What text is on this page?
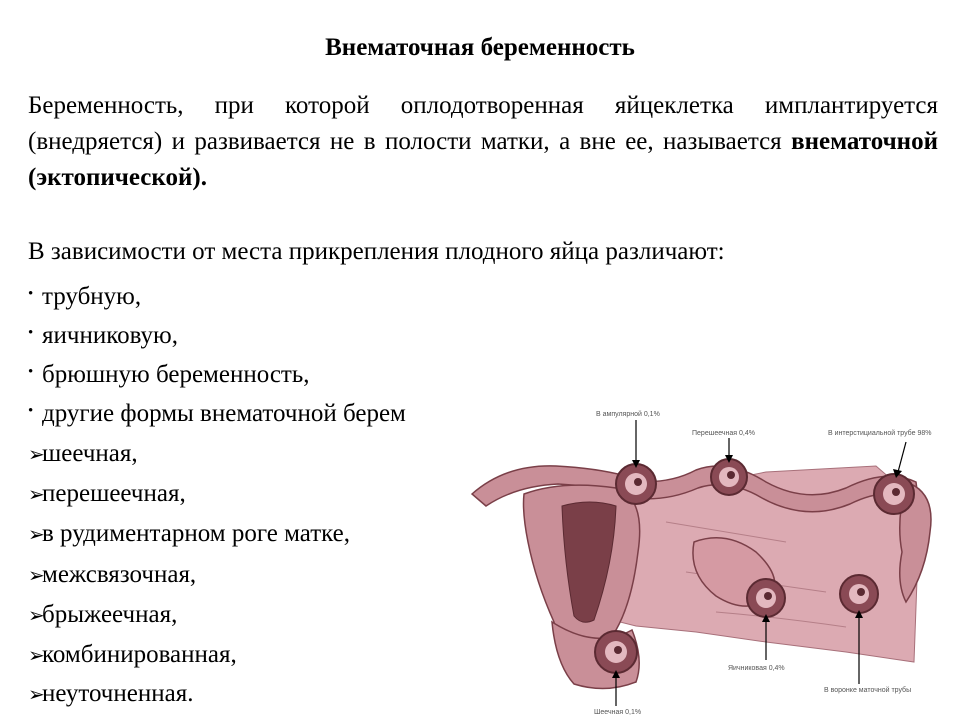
Внематочная беременность
Беременность, при которой оплодотворенная яйцеклетка имплантируется (внедряется) и развивается не в полости матки, а вне ее, называется внематочной (эктопической).
В зависимости от места прикрепления плодного яйца различают:
• трубную,
• яичниковую,
• брюшную беременность,
• другие формы внематочной берем
➢шеечная,
➢перешеечная,
➢в рудиментарном роге матке,
➢межсвязочная,
➢брыжеечная,
➢комбинированная,
➢неуточненная.
В ампулярной 0,1%
Перешеечная 0,4%	В интерстициальной трубе 98%
Яичниковая 0,4%
В воронке маточной трубы
Шеечная 0,1%
